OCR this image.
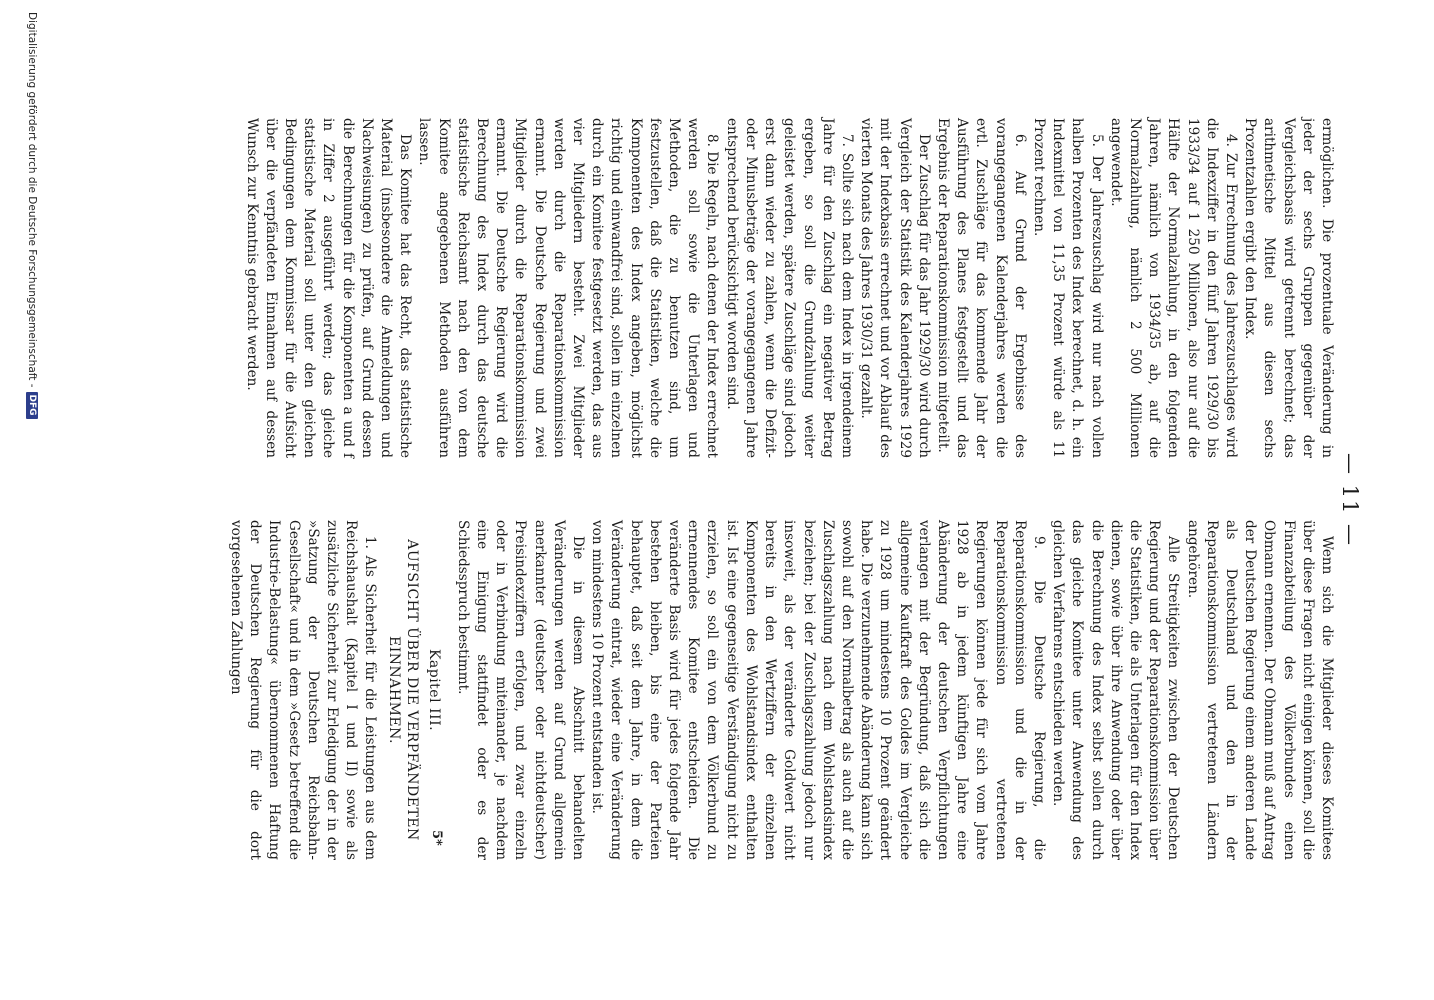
— 11 —

ermöglichen. Die prozentuale Veränderung in jeder der sechs Gruppen gegenüber der Vergleichsbasis wird getrennt berechnet; das arithmetische Mittel aus diesen sechs Prozentzahlen ergibt den Index.

4. Zur Errechnung des Jahreszuschlages wird die Indexziffer in den fünf Jahren 1929/30 bis 1933/34 auf 1 250 Millionen, also nur auf die Hälfte der Normalzahlung, in den folgenden Jahren, nämlich von 1934/35 ab, auf die Normalzahlung, nämlich 2 500 Millionen angewendet.

5. Der Jahreszuschlag wird nur nach vollen halben Prozenten des Index berechnet, d. h. ein Indexmittel von 11,35 Prozent würde als 11 Prozent rechnen.

6. Auf Grund der Ergebnisse des vorangegangenen Kalenderjahres werden die evtl. Zuschläge für das kommende Jahr der Ausführung des Planes festgestellt und das Ergebnis der Reparationskommission mitgeteilt.

Der Zuschlag für das Jahr 1929/30 wird durch Vergleich der Statistik des Kalenderjahres 1929 mit der Indexbasis errechnet und vor Ablauf des vierten Monats des Jahres 1930/31 gezahlt.

7. Sollte sich nach dem Index in irgendeinem Jahre für den Zuschlag ein negativer Betrag ergeben, so soll die Grundzahlung weiter geleistet werden, spätere Zuschläge sind jedoch erst dann wieder zu zahlen, wenn die Defizit- oder Minusbeträge der vorangegangenen Jahre entsprechend berücksichtigt worden sind.

8. Die Regeln, nach denen der Index errechnet werden soll sowie die Unterlagen und Methoden, die zu benutzen sind, um festzustellen, daß die Statistiken, welche die Komponenten des Index angeben, möglichst richtig und einwandfrei sind, sollen im einzelnen durch ein Komitee festgesetzt werden, das aus vier Mitgliedern besteht. Zwei Mitglieder werden durch die Reparationskommission ernannt. Die Deutsche Regierung und zwei Mitglieder durch die Reparationskommission ernannt. Die Deutsche Regierung wird die Berechnung des Index durch das deutsche statistische Reichsamt nach den von dem Komitee angegebenen Methoden ausführen lassen.

Das Komitee hat das Recht, das statistische Material (insbesondere die Anmeldungen und Nachweisungen) zu prüfen, auf Grund dessen die Berechnungen für die Komponenten a und f in Ziffer 2 ausgeführt werden; das gleiche statistische Material soll unter den gleichen Bedingungen dem Kommissar für die Aufsicht über die verpfändeten Einnahmen auf dessen Wunsch zur Kenntnis gebracht werden.

Wenn sich die Mitglieder dieses Komitees über diese Fragen nicht einigen können, soll die Finanzabteilung des Völkerbundes einen Obmann ernennen. Der Obmann muß auf Antrag der Deutschen Regierung einem anderen Lande als Deutschland und den in der Reparationskommission vertretenen Ländern angehören.

Alle Streitigkeiten zwischen der Deutschen Regierung und der Reparationskommission über die Statistiken, die als Unterlagen für den Index dienen, sowie über ihre Anwendung oder über die Berechnung des Index selbst sollen durch das gleiche Komitee unter Anwendung des gleichen Verfahrens entschieden werden.

9. Die Deutsche Regierung, die Reparationskommission und die in der Reparationskommission vertretenen Regierungen können jede für sich vom Jahre 1928 ab in jedem künftigen Jahre eine Abänderung der deutschen Verpflichtungen verlangen mit der Begründung, daß sich die allgemeine Kaufkraft des Goldes im Vergleiche zu 1928 um mindestens 10 Prozent geändert habe. Die verzunehmende Abänderung kann sich sowohl auf den Normalbetrag als auch auf die Zuschlagszahlung nach dem Wohlstandsindex beziehen; bei der Zuschlagszahlung jedoch nur insoweit, als der veränderte Goldwert nicht bereits in den Wertziffern der einzelnen Komponenten des Wohlstandsindex enthalten ist. Ist eine gegenseitige Verständigung nicht zu erzielen, so soll ein von dem Völkerbund zu ernennendes Komitee entscheiden. Die veränderte Basis wird für jedes folgende Jahr bestehen bleiben, bis eine der Parteien behauptet, daß seit dem Jahre, in dem die Veränderung eintrat, wieder eine Veränderung von mindestens 10 Prozent entstanden ist.

Die in diesem Abschnitt behandelten Veränderungen werden auf Grund allgemein anerkannter (deutscher oder nichtdeutscher) Preisindexziffern erfolgen, und zwar einzeln oder in Verbindung miteinander, je nachdem eine Einigung stattfindet oder es der Schiedsspruch bestimmt.

Kapitel III.
AUFSICHT ÜBER DIE VERPFÄNDETEN EINNAHMEN.

1. Als Sicherheit für die Leistungen aus dem Reichshaushalt (Kapitel I und II) sowie als zusätzliche Sicherheit zur Erledigung der in der »Satzung der Deutschen Reichsbahn-Gesellschaft« und in dem »Gesetz betreffend die Industrie-Belastung« übernommenen Haftung der Deutschen Regierung für die dort vorgesehenen Zahlungen

5*
Digitalisierung gefördert durch die Deutsche Forschungsgemeinschaft -DFG
